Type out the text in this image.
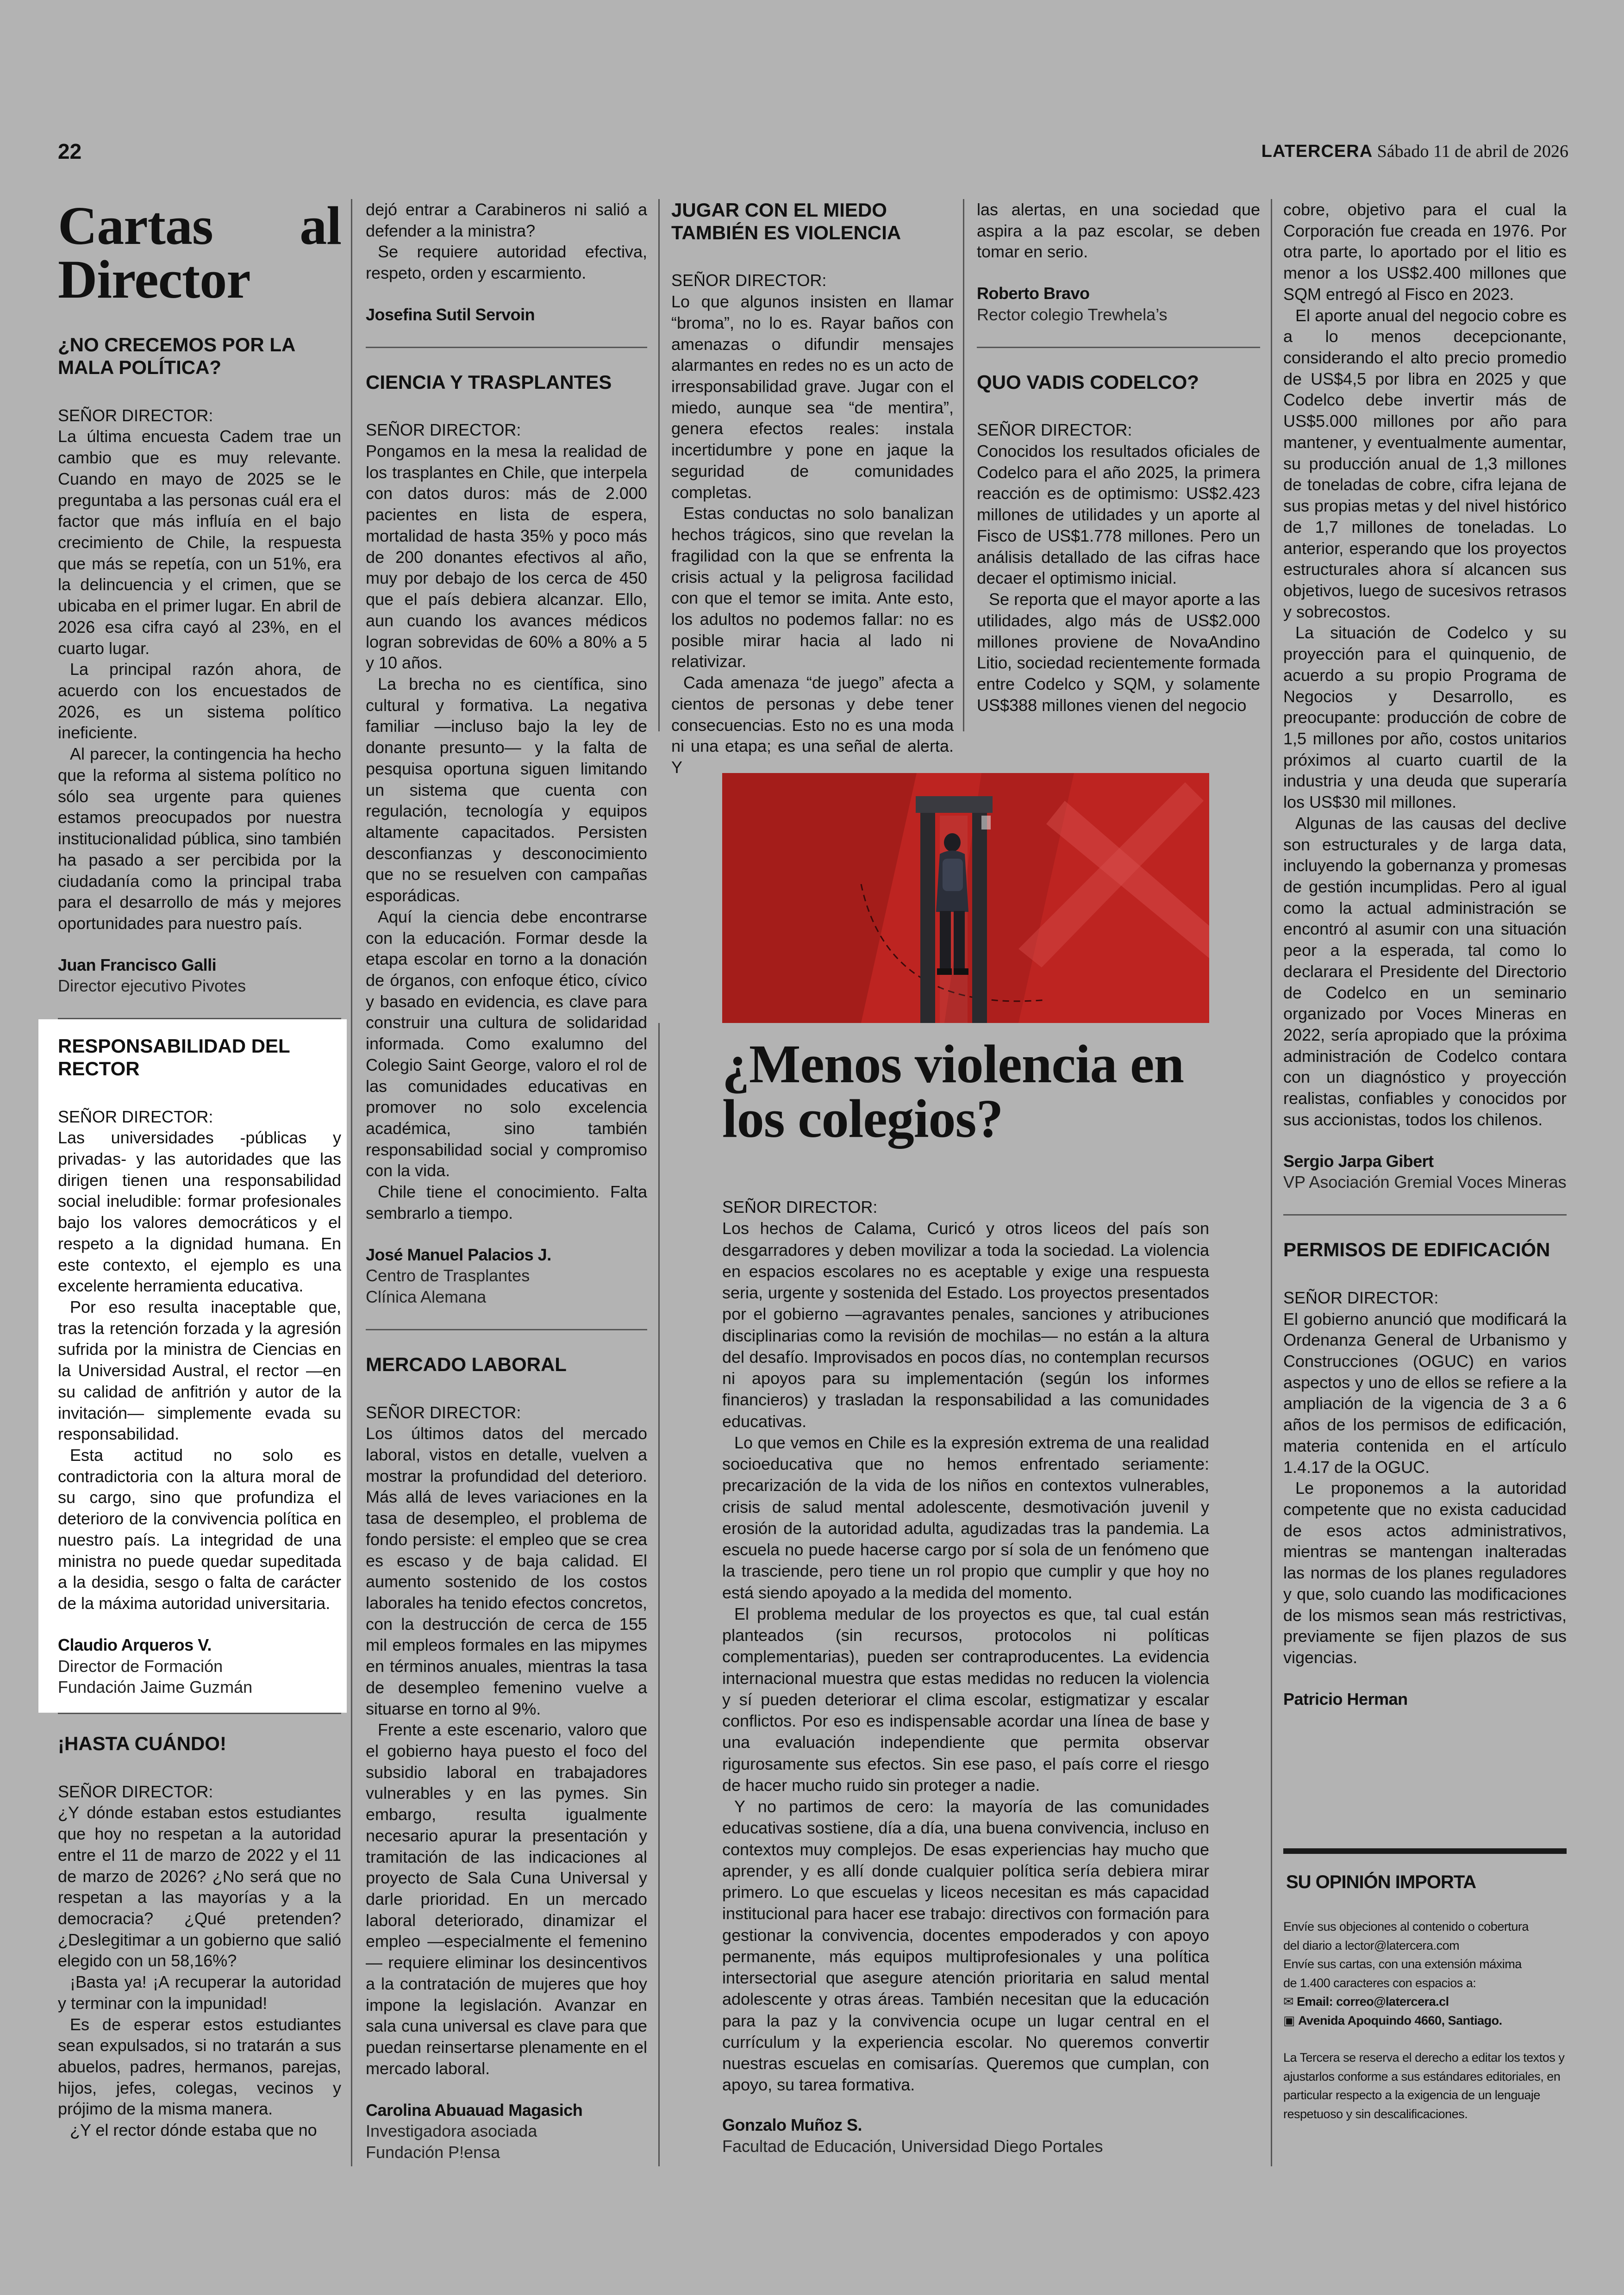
22	LATERCERA Sábado 11 de abril de 2026
Cartas al Director
¿NO CRECEMOS POR LA MALA POLÍTICA?
SEÑOR DIRECTOR:

La última encuesta Cadem trae un cambio que es muy relevante. Cuando en mayo de 2025 se le preguntaba a las personas cuál era el factor que más influía en el bajo crecimiento de Chile, la respuesta que más se repetía, con un 51%, era la delincuencia y el crimen, que se ubicaba en el primer lugar. En abril de 2026 esa cifra cayó al 23%, en el cuarto lugar.

La principal razón ahora, de acuerdo con los encuestados de 2026, es un sistema político ineficiente.

Al parecer, la contingencia ha hecho que la reforma al sistema político no sólo sea urgente para quienes estamos preocupados por nuestra institucionalidad pública, sino también ha pasado a ser percibida por la ciudadanía como la principal traba para el desarrollo de más y mejores oportunidades para nuestro país.

Juan Francisco Galli
Director ejecutivo Pivotes
RESPONSABILIDAD DEL RECTOR
SEÑOR DIRECTOR:

Las universidades -públicas y privadas- y las autoridades que las dirigen tienen una responsabilidad social ineludible: formar profesionales bajo los valores democráticos y el respeto a la dignidad humana. En este contexto, el ejemplo es una excelente herramienta educativa.

Por eso resulta inaceptable que, tras la retención forzada y la agresión sufrida por la ministra de Ciencias en la Universidad Austral, el rector —en su calidad de anfitrión y autor de la invitación— simplemente evada su responsabilidad.

Esta actitud no solo es contradictoria con la altura moral de su cargo, sino que profundiza el deterioro de la convivencia política en nuestro país. La integridad de una ministra no puede quedar supeditada a la desidia, sesgo o falta de carácter de la máxima autoridad universitaria.

Claudio Arqueros V.
Director de Formación
Fundación Jaime Guzmán
¡HASTA CUÁNDO!
SEÑOR DIRECTOR:

¿Y dónde estaban estos estudiantes que hoy no respetan a la autoridad entre el 11 de marzo de 2022 y el 11 de marzo de 2026? ¿No será que no respetan a las mayorías y a la democracia? ¿Qué pretenden? ¿Deslegitimar a un gobierno que salió elegido con un 58,16%?

¡Basta ya! ¡A recuperar la autoridad y terminar con la impunidad!

Es de esperar estos estudiantes sean expulsados, si no tratarán a sus abuelos, padres, hermanos, parejas, hijos, jefes, colegas, vecinos y prójimo de la misma manera.

¿Y el rector dónde estaba que no

dejó entrar a Carabineros ni salió a defender a la ministra?

Se requiere autoridad efectiva, respeto, orden y escarmiento.

Josefina Sutil Servoin
CIENCIA Y TRASPLANTES
SEÑOR DIRECTOR:

Pongamos en la mesa la realidad de los trasplantes en Chile, que interpela con datos duros: más de 2.000 pacientes en lista de espera, mortalidad de hasta 35% y poco más de 200 donantes efectivos al año, muy por debajo de los cerca de 450 que el país debiera alcanzar. Ello, aun cuando los avances médicos logran sobrevidas de 60% a 80% a 5 y 10 años.

La brecha no es científica, sino cultural y formativa. La negativa familiar —incluso bajo la ley de donante presunto— y la falta de pesquisa oportuna siguen limitando un sistema que cuenta con regulación, tecnología y equipos altamente capacitados. Persisten desconfianzas y desconocimiento que no se resuelven con campañas esporádicas.

Aquí la ciencia debe encontrarse con la educación. Formar desde la etapa escolar en torno a la donación de órganos, con enfoque ético, cívico y basado en evidencia, es clave para construir una cultura de solidaridad informada. Como exalumno del Colegio Saint George, valoro el rol de las comunidades educativas en promover no solo excelencia académica, sino también responsabilidad social y compromiso con la vida.

Chile tiene el conocimiento. Falta sembrarlo a tiempo.

José Manuel Palacios J.
Centro de Trasplantes
Clínica Alemana
MERCADO LABORAL
SEÑOR DIRECTOR:

Los últimos datos del mercado laboral, vistos en detalle, vuelven a mostrar la profundidad del deterioro. Más allá de leves variaciones en la tasa de desempleo, el problema de fondo persiste: el empleo que se crea es escaso y de baja calidad. El aumento sostenido de los costos laborales ha tenido efectos concretos, con la destrucción de cerca de 155 mil empleos formales en las mipymes en términos anuales, mientras la tasa de desempleo femenino vuelve a situarse en torno al 9%.

Frente a este escenario, valoro que el gobierno haya puesto el foco del subsidio laboral en trabajadores vulnerables y en las pymes. Sin embargo, resulta igualmente necesario apurar la presentación y tramitación de las indicaciones al proyecto de Sala Cuna Universal y darle prioridad. En un mercado laboral deteriorado, dinamizar el empleo —especialmente el femenino— requiere eliminar los desincentivos a la contratación de mujeres que hoy impone la legislación. Avanzar en sala cuna universal es clave para que puedan reinsertarse plenamente en el mercado laboral.

Carolina Abuauad Magasich
Investigadora asociada
Fundación P!ensa
JUGAR CON EL MIEDO TAMBIÉN ES VIOLENCIA
SEÑOR DIRECTOR:

Lo que algunos insisten en llamar “broma”, no lo es. Rayar baños con amenazas o difundir mensajes alarmantes en redes no es un acto de irresponsabilidad grave. Jugar con el miedo, aunque sea “de mentira”, genera efectos reales: instala incertidumbre y pone en jaque la seguridad de comunidades completas.

Estas conductas no solo banalizan hechos trágicos, sino que revelan la fragilidad con la que se enfrenta la crisis actual y la peligrosa facilidad con que el temor se imita. Ante esto, los adultos no podemos fallar: no es posible mirar hacia al lado ni relativizar.

Cada amenaza “de juego” afecta a cientos de personas y debe tener consecuencias. Esto no es una moda ni una etapa; es una señal de alerta. Y

las alertas, en una sociedad que aspira a la paz escolar, se deben tomar en serio.

Roberto Bravo
Rector colegio Trewhela’s
QUO VADIS CODELCO?
SEÑOR DIRECTOR:

Conocidos los resultados oficiales de Codelco para el año 2025, la primera reacción es de optimismo: US$2.423 millones de utilidades y un aporte al Fisco de US$1.778 millones. Pero un análisis detallado de las cifras hace decaer el optimismo inicial.

Se reporta que el mayor aporte a las utilidades, algo más de US$2.000 millones proviene de NovaAndino Litio, sociedad recientemente formada entre Codelco y SQM, y solamente US$388 millones vienen del negocio

¿Menos violencia en los colegios?
SEÑOR DIRECTOR:

Los hechos de Calama, Curicó y otros liceos del país son desgarradores y deben movilizar a toda la sociedad. La violencia en espacios escolares no es aceptable y exige una respuesta seria, urgente y sostenida del Estado. Los proyectos presentados por el gobierno —agravantes penales, sanciones y atribuciones disciplinarias como la revisión de mochilas— no están a la altura del desafío. Improvisados en pocos días, no contemplan recursos ni apoyos para su implementación (según los informes financieros) y trasladan la responsabilidad a las comunidades educativas.

Lo que vemos en Chile es la expresión extrema de una realidad socioeducativa que no hemos enfrentado seriamente: precarización de la vida de los niños en contextos vulnerables, crisis de salud mental adolescente, desmotivación juvenil y erosión de la autoridad adulta, agudizadas tras la pandemia. La escuela no puede hacerse cargo por sí sola de un fenómeno que la trasciende, pero tiene un rol propio que cumplir y que hoy no está siendo apoyado a la medida del momento.

El problema medular de los proyectos es que, tal cual están planteados (sin recursos, protocolos ni políticas complementarias), pueden ser contraproducentes. La evidencia internacional muestra que estas medidas no reducen la violencia y sí pueden deteriorar el clima escolar, estigmatizar y escalar conflictos. Por eso es indispensable acordar una línea de base y una evaluación independiente que permita observar rigurosamente sus efectos. Sin ese paso, el país corre el riesgo de hacer mucho ruido sin proteger a nadie.

Y no partimos de cero: la mayoría de las comunidades educativas sostiene, día a día, una buena convivencia, incluso en contextos muy complejos. De esas experiencias hay mucho que aprender, y es allí donde cualquier política sería debiera mirar primero. Lo que escuelas y liceos necesitan es más capacidad institucional para hacer ese trabajo: directivos con formación para gestionar la convivencia, docentes empoderados y con apoyo permanente, más equipos multiprofesionales y una política intersectorial que asegure atención prioritaria en salud mental adolescente y otras áreas. También necesitan que la educación para la paz y la convivencia ocupe un lugar central en el currículum y la experiencia escolar. No queremos convertir nuestras escuelas en comisarías. Queremos que cumplan, con apoyo, su tarea formativa.

Gonzalo Muñoz S.
Facultad de Educación, Universidad Diego Portales

cobre, objetivo para el cual la Corporación fue creada en 1976. Por otra parte, lo aportado por el litio es menor a los US$2.400 millones que SQM entregó al Fisco en 2023.

El aporte anual del negocio cobre es a lo menos decepcionante, considerando el alto precio promedio de US$4,5 por libra en 2025 y que Codelco debe invertir más de US$5.000 millones por año para mantener, y eventualmente aumentar, su producción anual de 1,3 millones de toneladas de cobre, cifra lejana de sus propias metas y del nivel histórico de 1,7 millones de toneladas. Lo anterior, esperando que los proyectos estructurales ahora sí alcancen sus objetivos, luego de sucesivos retrasos y sobrecostos.

La situación de Codelco y su proyección para el quinquenio, de acuerdo a su propio Programa de Negocios y Desarrollo, es preocupante: producción de cobre de 1,5 millones por año, costos unitarios próximos al cuarto cuartil de la industria y una deuda que superaría los US$30 mil millones.

Algunas de las causas del declive son estructurales y de larga data, incluyendo la gobernanza y promesas de gestión incumplidas. Pero al igual como la actual administración se encontró al asumir con una situación peor a la esperada, tal como lo declarara el Presidente del Directorio de Codelco en un seminario organizado por Voces Mineras en 2022, sería apropiado que la próxima administración de Codelco contara con un diagnóstico y proyección realistas, confiables y conocidos por sus accionistas, todos los chilenos.

Sergio Jarpa Gibert
VP Asociación Gremial Voces Mineras
PERMISOS DE EDIFICACIÓN
SEÑOR DIRECTOR:

El gobierno anunció que modificará la Ordenanza General de Urbanismo y Construcciones (OGUC) en varios aspectos y uno de ellos se refiere a la ampliación de la vigencia de 3 a 6 años de los permisos de edificación, materia contenida en el artículo 1.4.17 de la OGUC.

Le proponemos a la autoridad competente que no exista caducidad de esos actos administrativos, mientras se mantengan inalteradas las normas de los planes reguladores y que, solo cuando las modificaciones de los mismos sean más restrictivas, previamente se fijen plazos de sus vigencias.

Patricio Herman
SU OPINIÓN IMPORTA
Envíe sus objeciones al contenido o cobertura
del diario a lector@latercera.com
Envíe sus cartas, con una extensión máxima
de 1.400 caracteres con espacios a:
✉ Email: correo@latercera.cl
▣ Avenida Apoquindo 4660, Santiago.
La Tercera se reserva el derecho a editar los textos y ajustarlos conforme a sus estándares editoriales, en particular respecto a la exigencia de un lenguaje respetuoso y sin descalificaciones.
